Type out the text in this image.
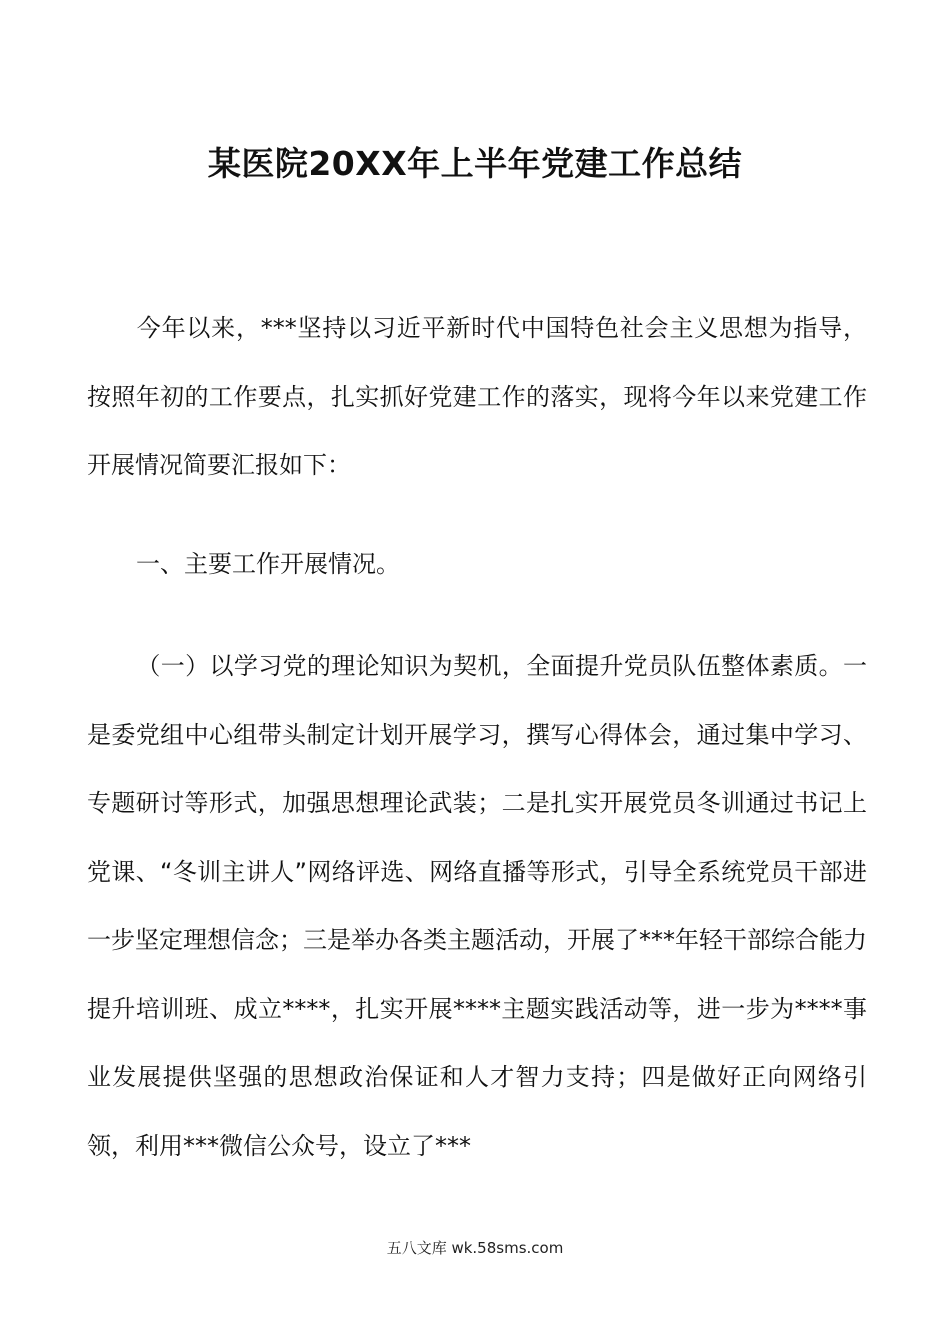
某医院20XX年上半年党建工作总结

今年以来，***坚持以习近平新时代中国特色社会主义思想为指导，按照年初的工作要点，扎实抓好党建工作的落实，现将今年以来党建工作开展情况简要汇报如下：

一、主要工作开展情况。

（一）以学习党的理论知识为契机，全面提升党员队伍整体素质。一是委党组中心组带头制定计划开展学习，撰写心得体会，通过集中学习、专题研讨等形式，加强思想理论武装；二是扎实开展党员冬训通过书记上党课、“冬训主讲人”网络评选、网络直播等形式，引导全系统党员干部进一步坚定理想信念；三是举办各类主题活动，开展了***年轻干部综合能力提升培训班、成立****，扎实开展****主题实践活动等，进一步为****事业发展提供坚强的思想政治保证和人才智力支持；四是做好正向网络引领，利用***微信公众号，设立了***

五八文库 wk.58sms.com
